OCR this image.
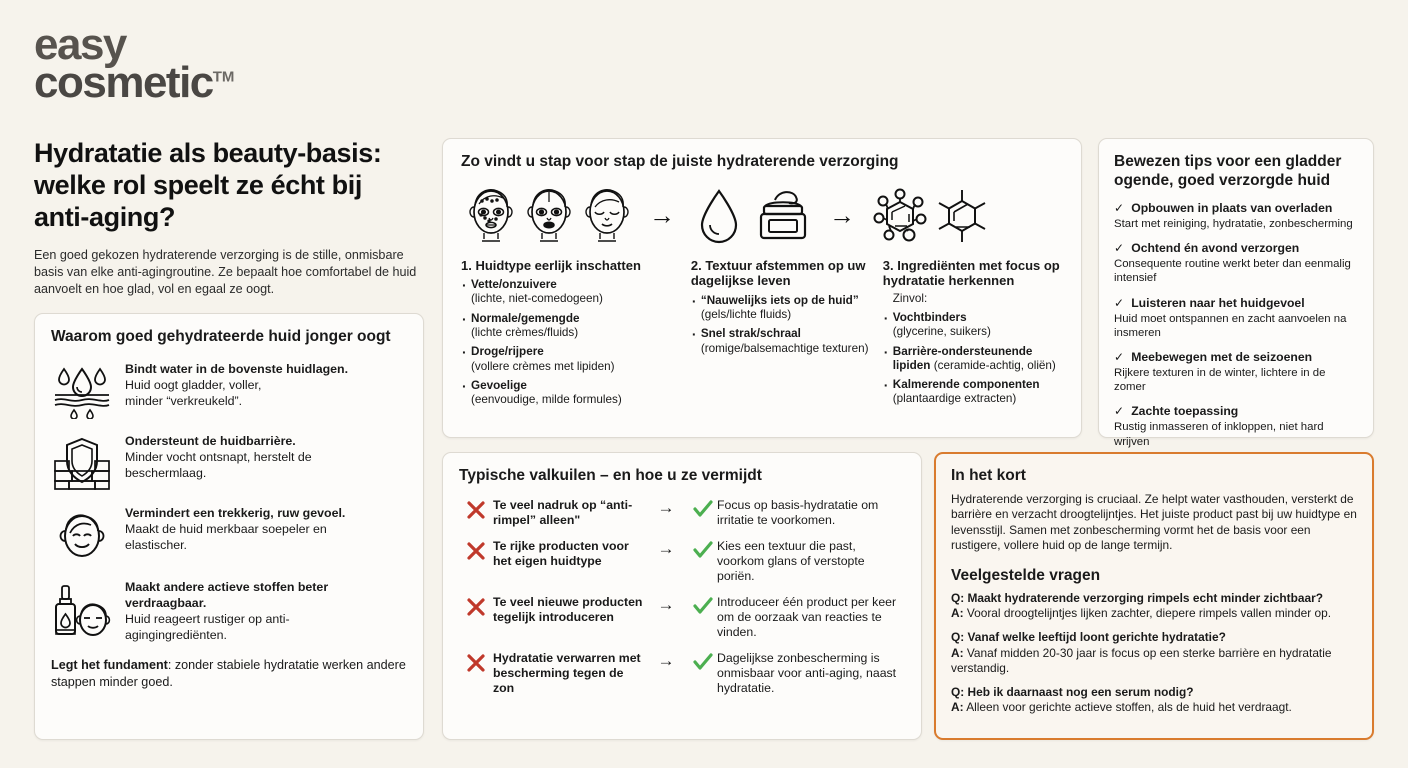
easy
cosmetic™
Hydratatie als beauty-basis: welke rol speelt ze écht bij anti-aging?

Een goed gekozen hydraterende verzorging is de stille, onmisbare basis van elke anti-agingroutine. Ze bepaalt hoe comfortabel de huid aanvoelt en hoe glad, vol en egaal ze oogt.

Waarom goed gehydrateerde huid jonger oogt
Bindt water in de bovenste huidlagen.
Huid oogt gladder, voller,
minder “verkreukeld”.
Ondersteunt de huidbarrière.
Minder vocht ontsnapt, herstelt de
beschermlaag.
Vermindert een trekkerig, ruw gevoel.
Maakt de huid merkbaar soepeler en
elastischer.
Maakt andere actieve stoffen beter verdraagbaar.
Huid reageert rustiger op anti-
agingingrediënten.
Legt het fundament: zonder stabiele hydratatie werken andere stappen minder goed.
Zo vindt u stap voor stap de juiste hydraterende verzorging
→	→
1. Huidtype eerlijk inschatten
· Vette/onzuivere
(lichte, niet-comedogeen)
· Normale/gemengde
(lichte crèmes/fluids)
· Droge/rijpere
(vollere crèmes met lipiden)
· Gevoelige
(eenvoudige, milde formules)
2. Textuur afstemmen op uw dagelijkse leven
· “Nauwelijks iets op de huid”
(gels/lichte fluids)
· Snel strak/schraal
(romige/balsemachtige texturen)
3. Ingrediënten met focus op hydratatie herkennen
Zinvol:
· Vochtbinders
(glycerine, suikers)
· Barrière-ondersteunende lipiden (ceramide-achtig, oliën)
· Kalmerende componenten
(plantaardige extracten)
Typische valkuilen – en hoe u ze vermijdt
Te veel nadruk op “anti-rimpel” alleen"
→	Focus op basis-hydratatie om irritatie te voorkomen.
Te rijke producten voor het eigen huidtype
→	Kies een textuur die past, voorkom glans of verstopte poriën.
Te veel nieuwe producten tegelijk introduceren
→	Introduceer één product per keer om de oorzaak van reacties te vinden.
Hydratatie verwarren met bescherming tegen de zon
→	Dagelijkse zonbescherming is onmisbaar voor anti-aging, naast hydratatie.
Bewezen tips voor een gladder ogende, goed verzorgde huid
✓ Opbouwen in plaats van overladen
Start met reiniging, hydratatie, zonbescherming
✓ Ochtend én avond verzorgen
Consequente routine werkt beter dan eenmalig intensief
✓ Luisteren naar het huidgevoel
Huid moet ontspannen en zacht aanvoelen na insmeren
✓ Meebewegen met de seizoenen
Rijkere texturen in de winter, lichtere in de zomer
✓ Zachte toepassing
Rustig inmasseren of inkloppen, niet hard wrijven
In het kort
Hydraterende verzorging is cruciaal. Ze helpt water vasthouden, versterkt de barrière en verzacht droogtelijntjes. Het juiste product past bij uw huidtype en levensstijl. Samen met zonbescherming vormt het de basis voor een rustigere, vollere huid op de lange termijn.
Veelgestelde vragen
Q: Maakt hydraterende verzorging rimpels echt minder zichtbaar?
A: Vooral droogtelijntjes lijken zachter, diepere rimpels vallen minder op.
Q: Vanaf welke leeftijd loont gerichte hydratatie?
A: Vanaf midden 20-30 jaar is focus op een sterke barrière en hydratatie verstandig.
Q: Heb ik daarnaast nog een serum nodig?
A: Alleen voor gerichte actieve stoffen, als de huid het verdraagt.
